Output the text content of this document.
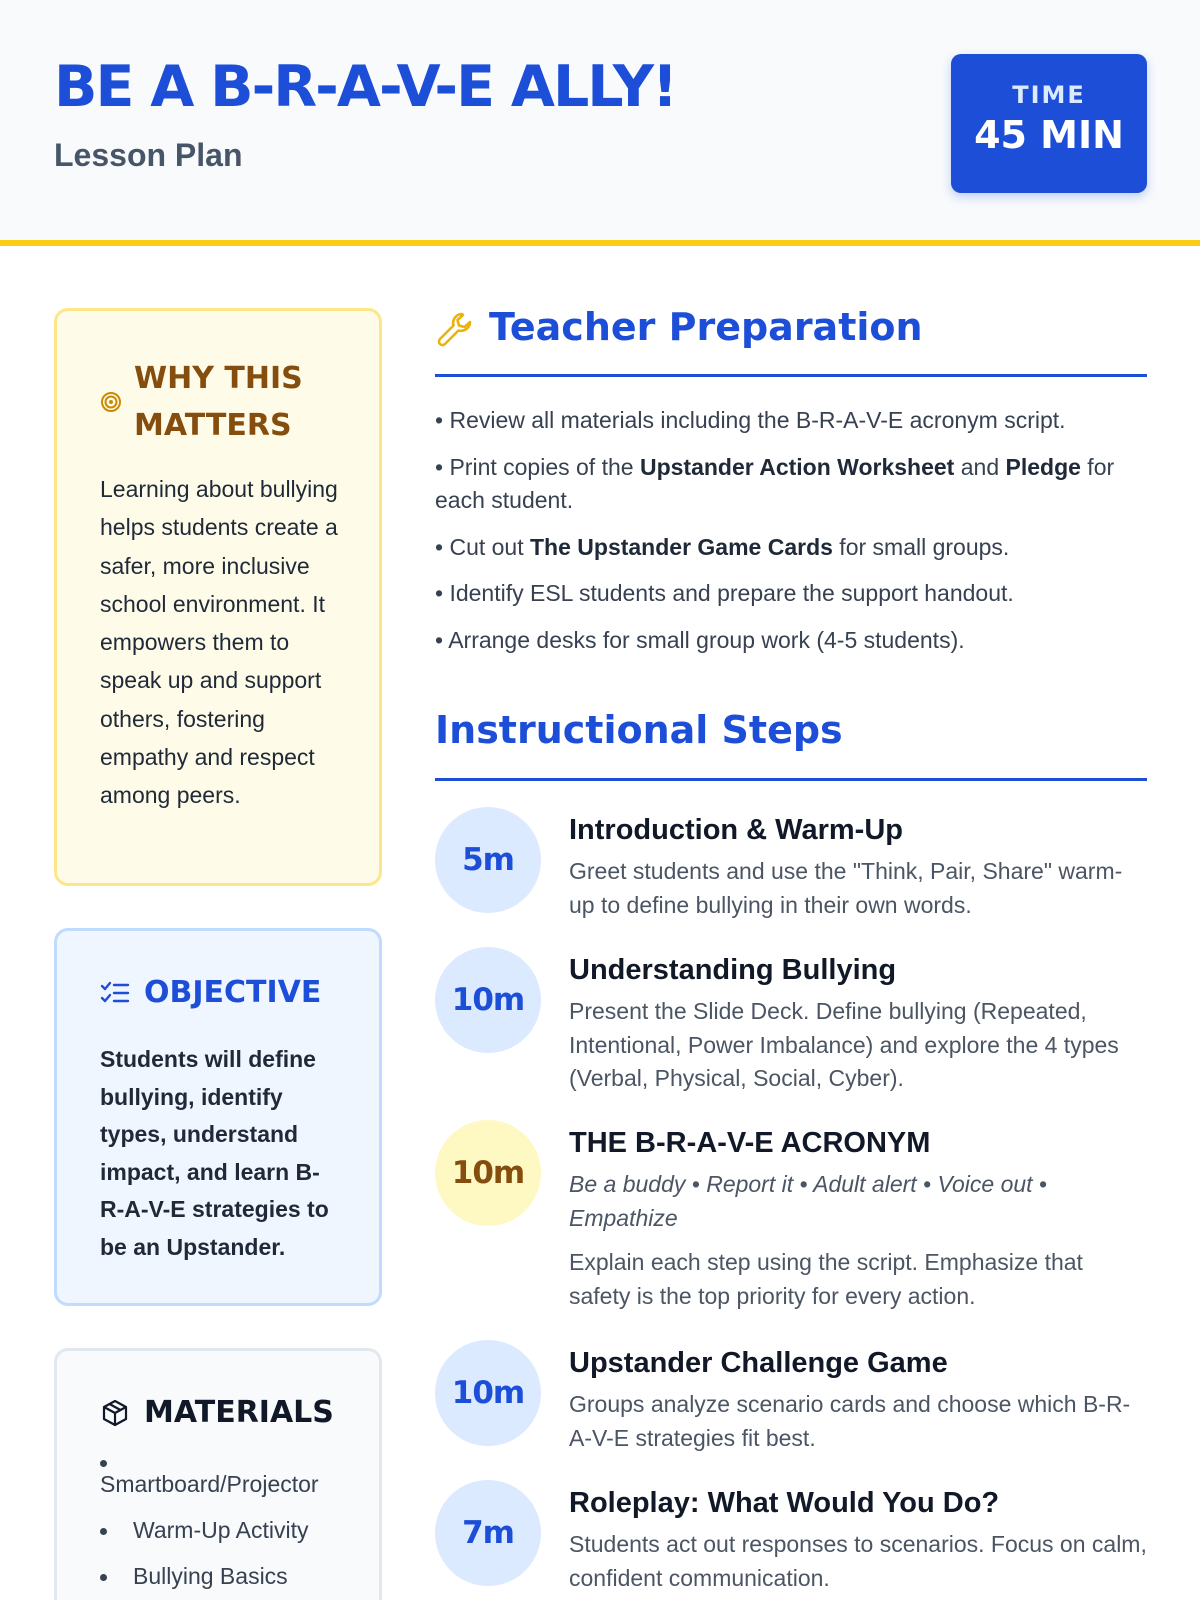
BE A B-R-A-V-E ALLY!
Lesson Plan
TIME
45 MIN
WHY THIS MATTERS

Learning about bullying helps students create a safer, more inclusive school environment. It empowers them to speak up and support others, fostering empathy and respect among peers.

OBJECTIVE

Students will define bullying, identify types, understand impact, and learn B-R-A-V-E strategies to be an Upstander.

MATERIALS
Smartboard/Projector
Warm-Up Activity
Bullying Basics
Teacher Preparation
• Review all materials including the B-R-A-V-E acronym script.
• Print copies of the Upstander Action Worksheet and Pledge for each student.
• Cut out The Upstander Game Cards for small groups.
• Identify ESL students and prepare the support handout.
• Arrange desks for small group work (4-5 students).
Instructional Steps
5m
Introduction & Warm-Up
Greet students and use the "Think, Pair, Share" warm-up to define bullying in their own words.
10m
Understanding Bullying
Present the Slide Deck. Define bullying (Repeated, Intentional, Power Imbalance) and explore the 4 types (Verbal, Physical, Social, Cyber).
10m
THE B-R-A-V-E ACRONYM
Be a buddy • Report it • Adult alert • Voice out • Empathize
Explain each step using the script. Emphasize that safety is the top priority for every action.
10m
Upstander Challenge Game
Groups analyze scenario cards and choose which B-R-A-V-E strategies fit best.
7m
Roleplay: What Would You Do?
Students act out responses to scenarios. Focus on calm, confident communication.
